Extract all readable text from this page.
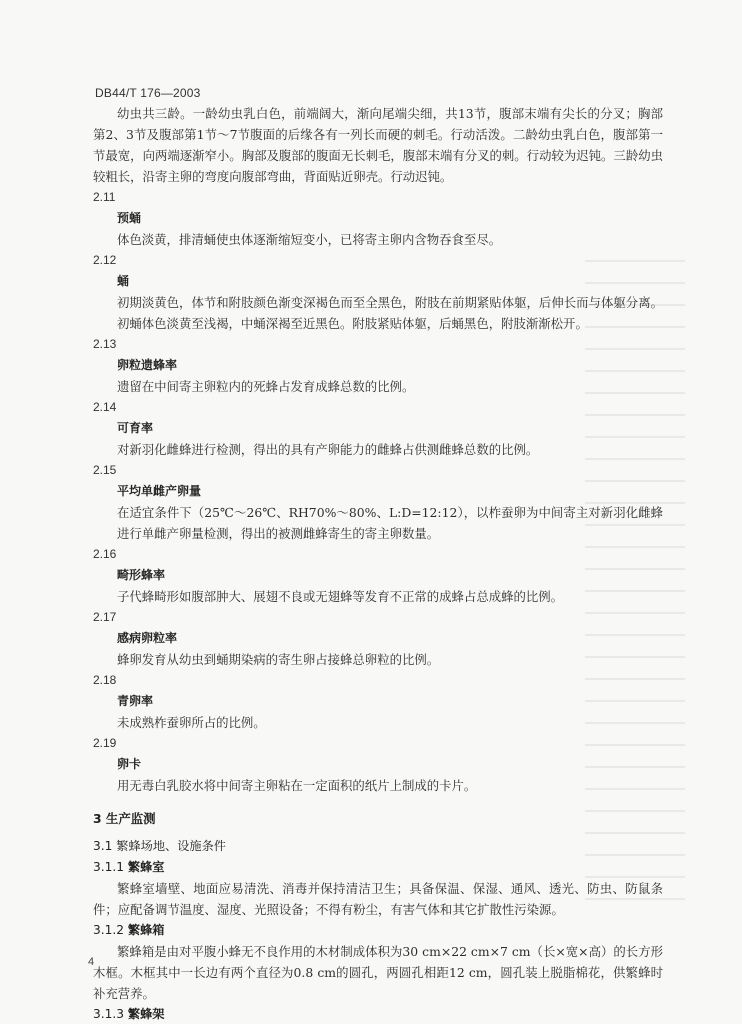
DB44/T 176—2003

幼虫共三龄。一龄幼虫乳白色，前端阔大，渐向尾端尖细，共13节，腹部末端有尖长的分叉；胸部第2、3节及腹部第1节～7节腹面的后缘各有一列长而硬的刺毛。行动活泼。二龄幼虫乳白色，腹部第一节最宽，向两端逐渐窄小。胸部及腹部的腹面无长刺毛，腹部末端有分叉的刺。行动较为迟钝。三龄幼虫较粗长，沿寄主卵的弯度向腹部弯曲，背面贴近卵壳。行动迟钝。

2.11
预蛹
体色淡黄，排清蛹使虫体逐渐缩短变小，已将寄主卵内含物吞食至尽。
2.12
蛹
初期淡黄色，体节和附肢颜色渐变深褐色而至全黑色，附肢在前期紧贴体躯，后伸长而与体躯分离。初蛹体色淡黄至浅褐，中蛹深褐至近黑色。附肢紧贴体躯，后蛹黑色，附肢渐渐松开。
2.13
卵粒遗蜂率
遗留在中间寄主卵粒内的死蜂占发育成蜂总数的比例。
2.14
可育率
对新羽化雌蜂进行检测，得出的具有产卵能力的雌蜂占供测雌蜂总数的比例。
2.15
平均单雌产卵量
在适宜条件下（25℃～26℃、RH70%～80%、L:D=12:12），以柞蚕卵为中间寄主对新羽化雌蜂进行单雌产卵量检测，得出的被测雌蜂寄生的寄主卵数量。
2.16
畸形蜂率
子代蜂畸形如腹部肿大、展翅不良或无翅蜂等发育不正常的成蜂占总成蜂的比例。
2.17
感病卵粒率
蜂卵发育从幼虫到蛹期染病的寄生卵占接蜂总卵粒的比例。
2.18
青卵率
未成熟柞蚕卵所占的比例。
2.19
卵卡
用无毒白乳胶水将中间寄主卵粘在一定面积的纸片上制成的卡片。
3 生产监测
3.1 繁蜂场地、设施条件
3.1.1 繁蜂室

繁蜂室墙壁、地面应易清洗、消毒并保持清洁卫生；具备保温、保湿、通风、透光、防虫、防鼠条件；应配备调节温度、湿度、光照设备；不得有粉尘，有害气体和其它扩散性污染源。

3.1.2 繁蜂箱

繁蜂箱是由对平腹小蜂无不良作用的木材制成体积为30 cm×22 cm×7 cm（长×宽×高）的长方形木框。木框其中一长边有两个直径为0.8 cm的圆孔，两圆孔相距12 cm，圆孔装上脱脂棉花，供繁蜂时补充营养。

3.1.3 繁蜂架
4
